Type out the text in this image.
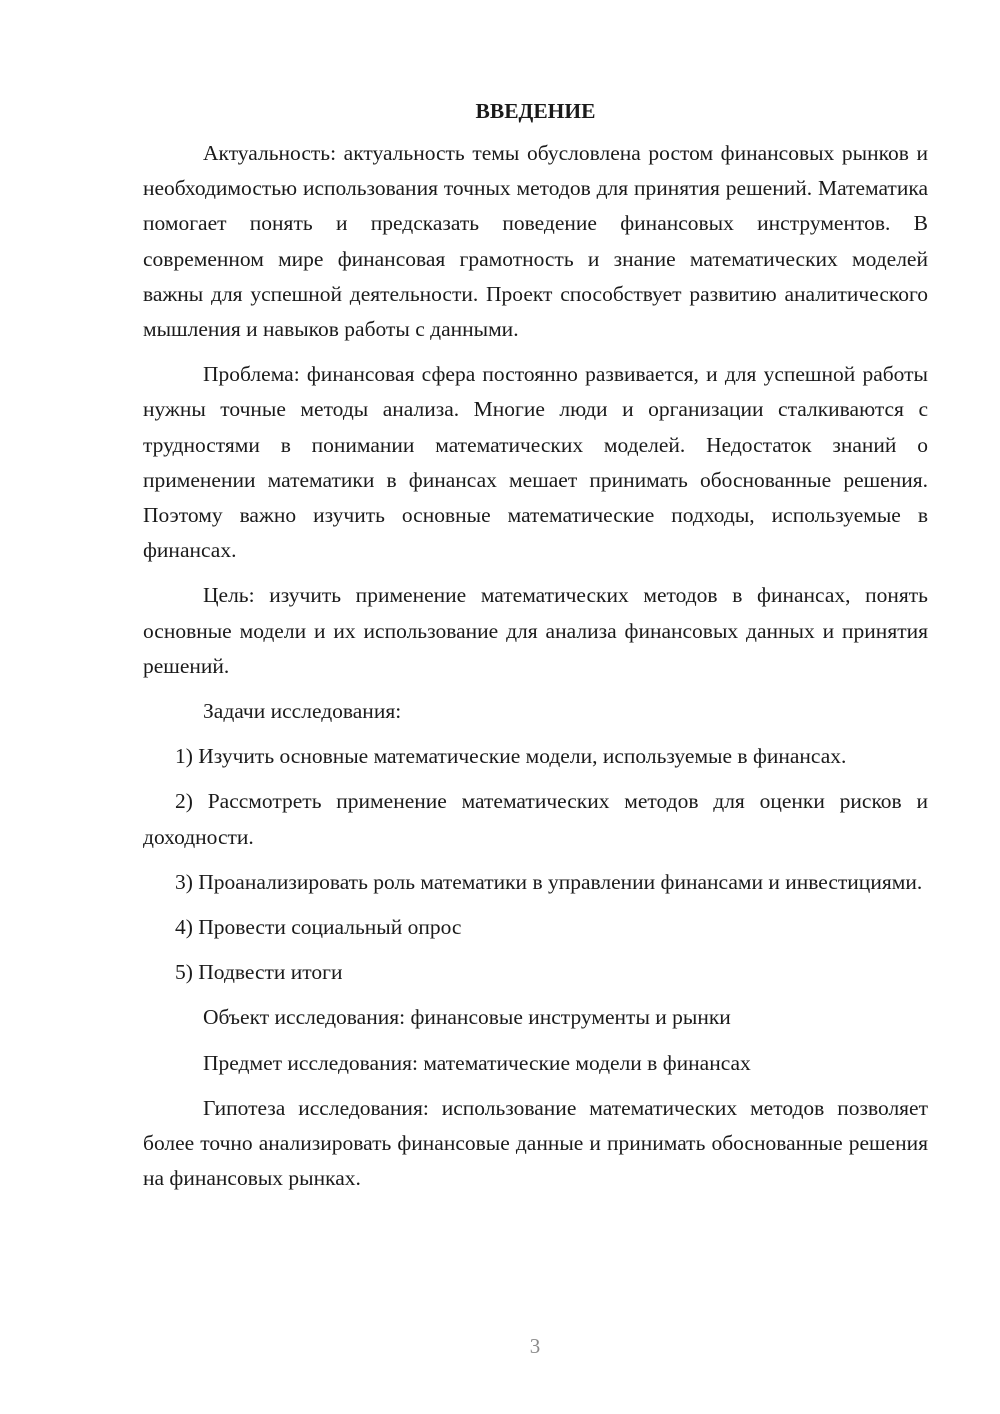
ВВЕДЕНИЕ

Актуальность: актуальность темы обусловлена ростом финансовых рынков и необходимостью использования точных методов для принятия решений. Математика помогает понять и предсказать поведение финансовых инструментов. В современном мире финансовая грамотность и знание математических моделей важны для успешной деятельности. Проект способствует развитию аналитического мышления и навыков работы с данными.

Проблема: финансовая сфера постоянно развивается, и для успешной работы нужны точные методы анализа. Многие люди и организации сталкиваются с трудностями в понимании математических моделей. Недостаток знаний о применении математики в финансах мешает принимать обоснованные решения. Поэтому важно изучить основные математические подходы, используемые в финансах.

Цель: изучить применение математических методов в финансах, понять основные модели и их использование для анализа финансовых данных и принятия решений.

Задачи исследования:

1) Изучить основные математические модели, используемые в финансах.

2) Рассмотреть применение математических методов для оценки рисков и доходности.

3) Проанализировать роль математики в управлении финансами и инвестициями.

4) Провести социальный опрос

5) Подвести итоги

Объект исследования: финансовые инструменты и рынки

Предмет исследования: математические модели в финансах

Гипотеза исследования: использование математических методов позволяет более точно анализировать финансовые данные и принимать обоснованные решения на финансовых рынках.

3
